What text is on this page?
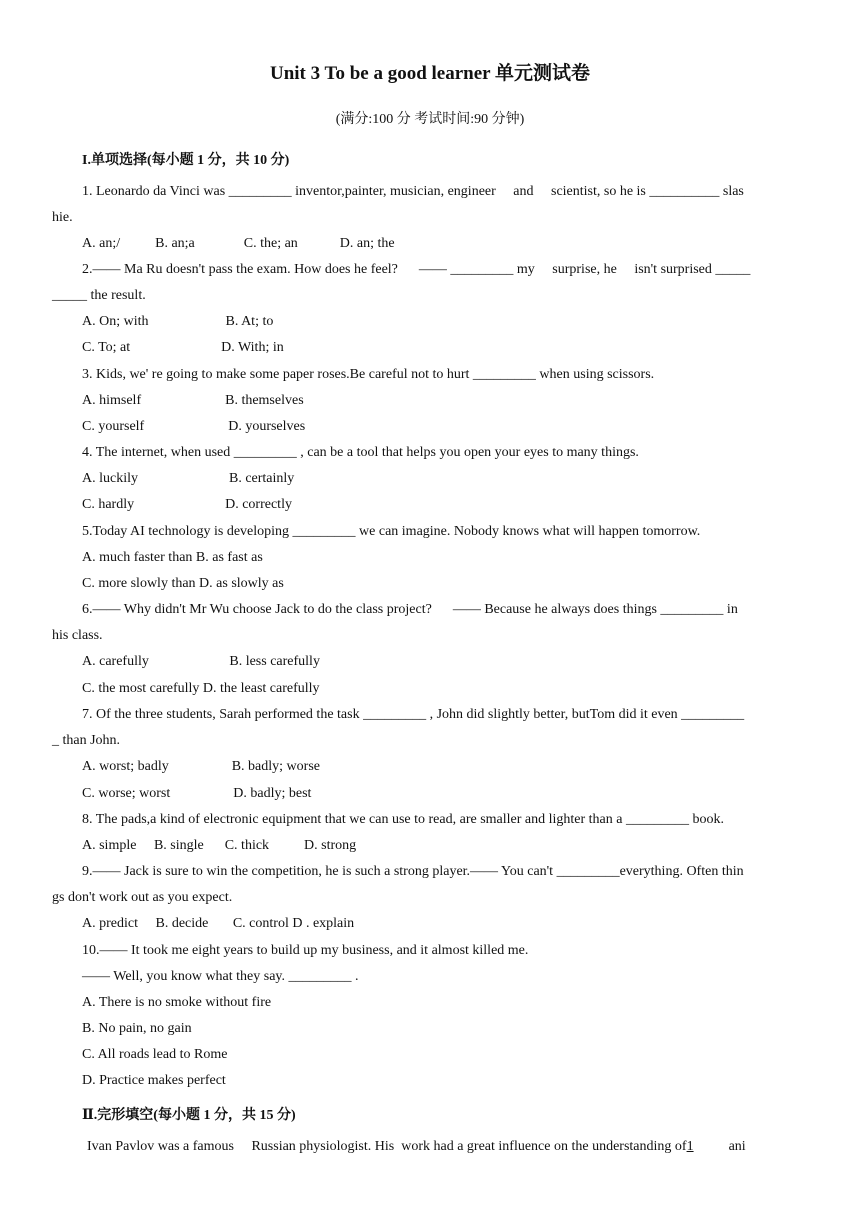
Unit 3 To be a good learner 单元测试卷
(满分:100 分 考试时间:90 分钟)
I.单项选择(每小题 1 分，共 10 分)
1. Leonardo da Vinci was _________ inventor,painter, musician, engineer     and     scientist, so he is __________ slas
hie.
A. an;/          B. an;a              C. the; an            D. an; the
2.—— Ma Ru doesn't pass the exam. How does he feel?      —— _________ my     surprise, he     isn't surprised _____
_____ the result.
A. On; with                      B. At; to
C. To; at                          D. With; in
3. Kids, we' re going to make some paper roses.Be careful not to hurt _________ when using scissors.
A. himself                        B. themselves
C. yourself                        D. yourselves
4. The internet, when used _________ , can be a tool that helps you open your eyes to many things.
A. luckily                          B. certainly
C. hardly                          D. correctly
5.Today AI technology is developing _________ we can imagine. Nobody knows what will happen tomorrow.
A. much faster than B. as fast as
C. more slowly than D. as slowly as
6.—— Why didn't Mr Wu choose Jack to do the class project?      —— Because he always does things _________ in
his class.
A. carefully                       B. less carefully
C. the most carefully D. the least carefully
7. Of the three students, Sarah performed the task _________ , John did slightly better, butTom did it even _________
_ than John.
A. worst; badly                  B. badly; worse
C. worse; worst                  D. badly; best
8. The pads,a kind of electronic equipment that we can use to read, are smaller and lighter than a _________ book.
A. simple     B. single      C. thick          D. strong
9.—— Jack is sure to win the competition, he is such a strong player.—— You can't _________everything. Often thin
gs don't work out as you expect.
A. predict     B. decide       C. control D . explain
10.—— It took me eight years to build up my business, and it almost killed me.
—— Well, you know what they say. _________ .
A. There is no smoke without fire
B. No pain, no gain
C. All roads lead to Rome
D. Practice makes perfect
Ⅱ.完形填空(每小题 1 分，共 15 分)
Ivan Pavlov was a famous     Russian physiologist. His  work had a great influence on the understanding of1	ani
